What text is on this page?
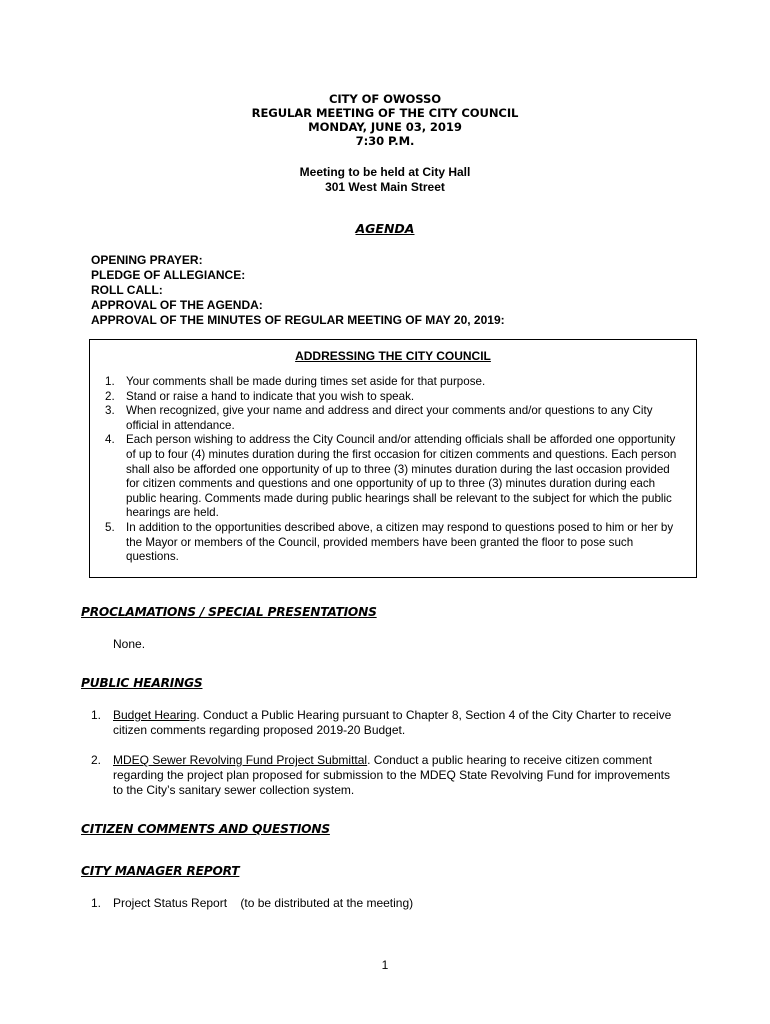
CITY OF OWOSSO
REGULAR MEETING OF THE CITY COUNCIL
MONDAY, JUNE 03, 2019
7:30 P.M.
Meeting to be held at City Hall
301 West Main Street
AGENDA
OPENING PRAYER:
PLEDGE OF ALLEGIANCE:
ROLL CALL:
APPROVAL OF THE AGENDA:
APPROVAL OF THE MINUTES OF REGULAR MEETING OF MAY 20, 2019:
ADDRESSING THE CITY COUNCIL
1. Your comments shall be made during times set aside for that purpose.
2. Stand or raise a hand to indicate that you wish to speak.
3. When recognized, give your name and address and direct your comments and/or questions to any City official in attendance.
4. Each person wishing to address the City Council and/or attending officials shall be afforded one opportunity of up to four (4) minutes duration during the first occasion for citizen comments and questions. Each person shall also be afforded one opportunity of up to three (3) minutes duration during the last occasion provided for citizen comments and questions and one opportunity of up to three (3) minutes duration during each public hearing. Comments made during public hearings shall be relevant to the subject for which the public hearings are held.
5. In addition to the opportunities described above, a citizen may respond to questions posed to him or her by the Mayor or members of the Council, provided members have been granted the floor to pose such questions.
PROCLAMATIONS / SPECIAL PRESENTATIONS
None.
PUBLIC HEARINGS
1. Budget Hearing. Conduct a Public Hearing pursuant to Chapter 8, Section 4 of the City Charter to receive citizen comments regarding proposed 2019-20 Budget.
2. MDEQ Sewer Revolving Fund Project Submittal. Conduct a public hearing to receive citizen comment regarding the project plan proposed for submission to the MDEQ State Revolving Fund for improvements to the City’s sanitary sewer collection system.
CITIZEN COMMENTS AND QUESTIONS
CITY MANAGER REPORT
1. Project Status Report    (to be distributed at the meeting)
1
